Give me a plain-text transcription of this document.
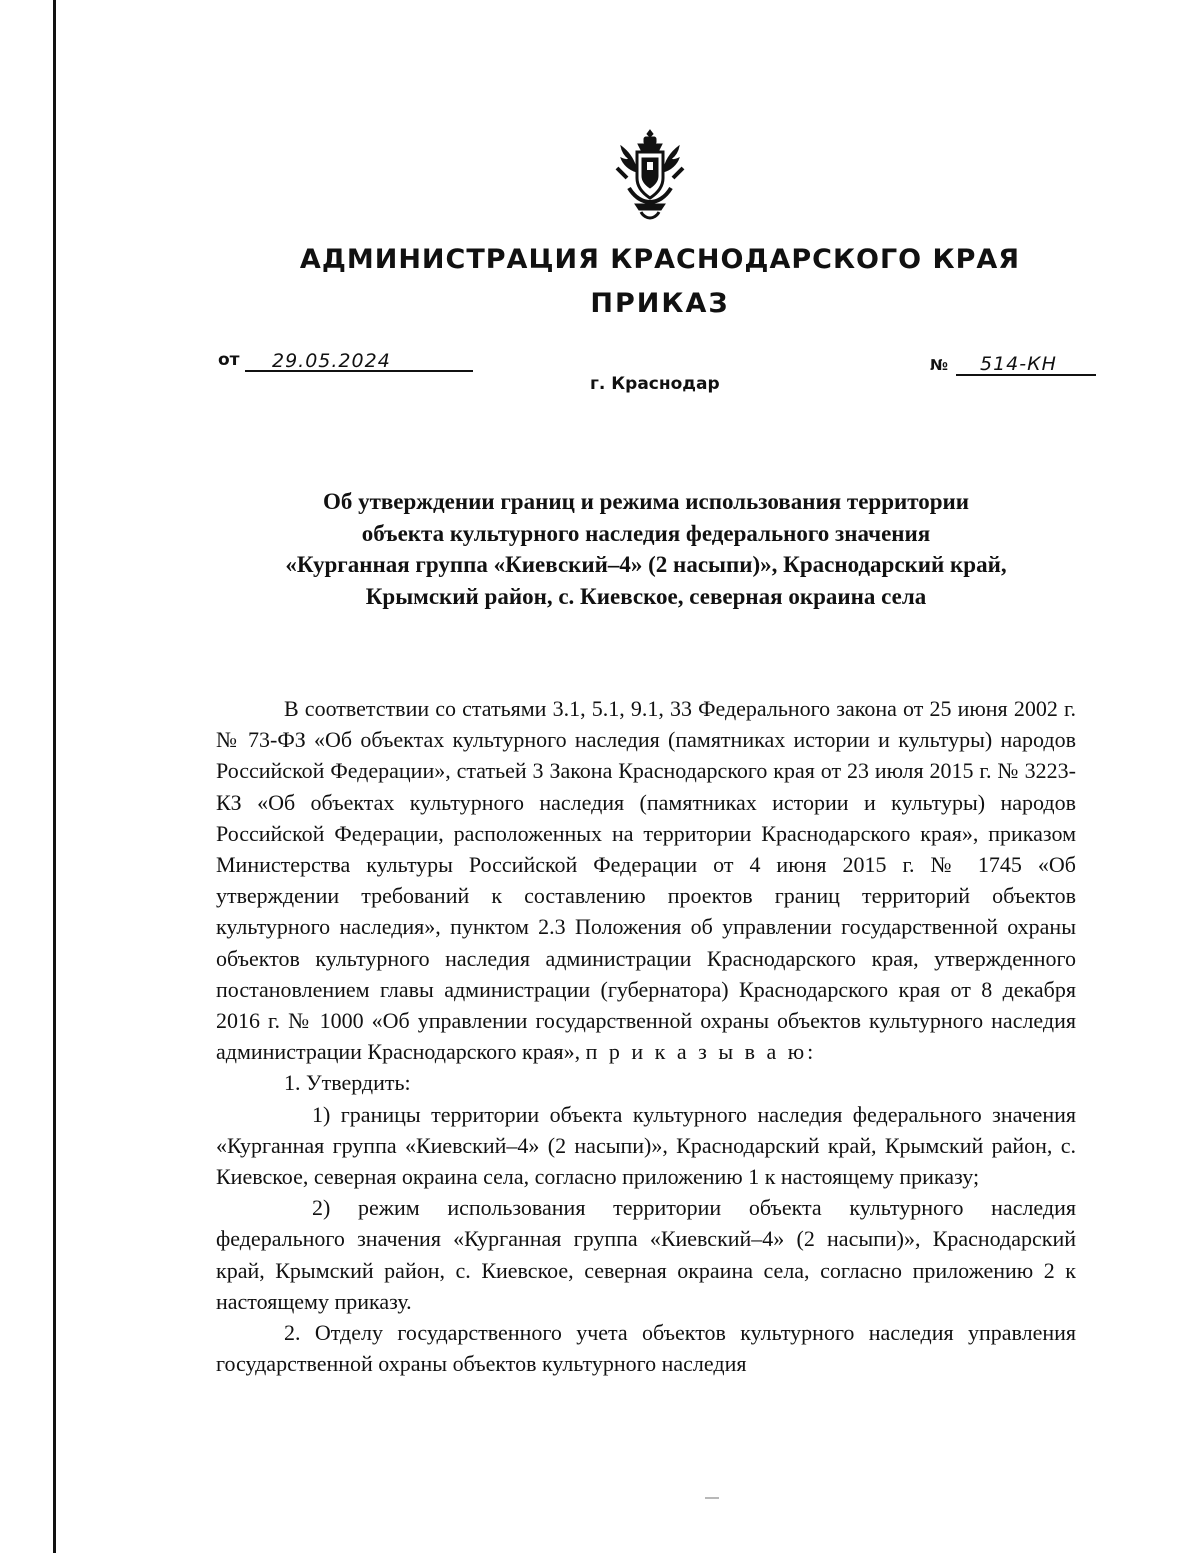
АДМИНИСТРАЦИЯ КРАСНОДАРСКОГО КРАЯ
ПРИКАЗ
от 29.05.2024
г. Краснодар
№ 514-КН
Об утверждении границ и режима использования территории
объекта культурного наследия федерального значения
«Курганная группа «Киевский–4» (2 насыпи)», Краснодарский край,
Крымский район, с. Киевское, северная окраина села

В соответствии со статьями 3.1, 5.1, 9.1, 33 Федерального закона от 25 июня 2002 г. № 73-ФЗ «Об объектах культурного наследия (памятниках истории и культуры) народов Российской Федерации», статьей 3 Закона Краснодарского края от 23 июля 2015 г. № 3223-КЗ «Об объектах культурного наследия (памятниках истории и культуры) народов Российской Федерации, расположенных на территории Краснодарского края», приказом Министерства культуры Российской Федерации от 4 июня 2015 г. № 1745 «Об утверждении требований к составлению проектов границ территорий объектов культурного наследия», пунктом 2.3 Положения об управлении государственной охраны объектов культурного наследия администрации Краснодарского края, утвержденного постановлением главы администрации (губернатора) Краснодарского края от 8 декабря 2016 г. № 1000 «Об управлении государственной охраны объектов культурного наследия администрации Краснодарского края», п р и к а з ы в а ю:

1. Утвердить:

1) границы территории объекта культурного наследия федерального значения «Курганная группа «Киевский–4» (2 насыпи)», Краснодарский край, Крымский район, с. Киевское, северная окраина села, согласно приложению 1 к настоящему приказу;

2) режим использования территории объекта культурного наследия федерального значения «Курганная группа «Киевский–4» (2 насыпи)», Краснодарский край, Крымский район, с. Киевское, северная окраина села, согласно приложению 2 к настоящему приказу.

2. Отделу государственного учета объектов культурного наследия управления государственной охраны объектов культурного наследия
